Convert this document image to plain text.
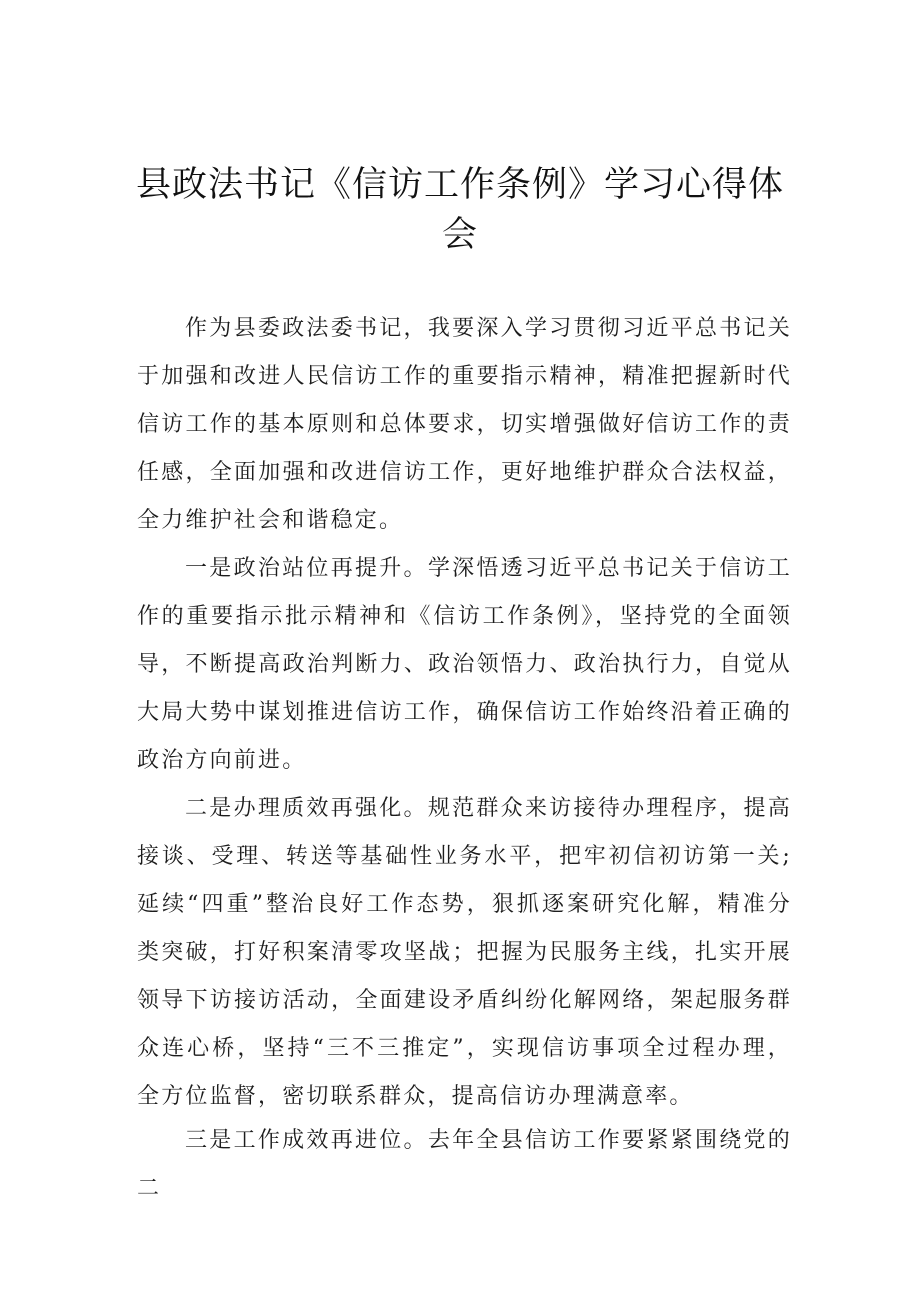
县政法书记《信访工作条例》学习心得体会

作为县委政法委书记，我要深入学习贯彻习近平总书记关于加强和改进人民信访工作的重要指示精神，精准把握新时代信访工作的基本原则和总体要求，切实增强做好信访工作的责任感，全面加强和改进信访工作，更好地维护群众合法权益，全力维护社会和谐稳定。

一是政治站位再提升。学深悟透习近平总书记关于信访工作的重要指示批示精神和《信访工作条例》，坚持党的全面领导，不断提高政治判断力、政治领悟力、政治执行力，自觉从大局大势中谋划推进信访工作，确保信访工作始终沿着正确的政治方向前进。

二是办理质效再强化。规范群众来访接待办理程序，提高接谈、受理、转送等基础性业务水平，把牢初信初访第一关;延续“四重”整治良好工作态势，狠抓逐案研究化解，精准分类突破，打好积案清零攻坚战；把握为民服务主线，扎实开展领导下访接访活动，全面建设矛盾纠纷化解网络，架起服务群众连心桥，坚持“三不三推定”，实现信访事项全过程办理，全方位监督，密切联系群众，提高信访办理满意率。

三是工作成效再进位。去年全县信访工作要紧紧围绕党的二
